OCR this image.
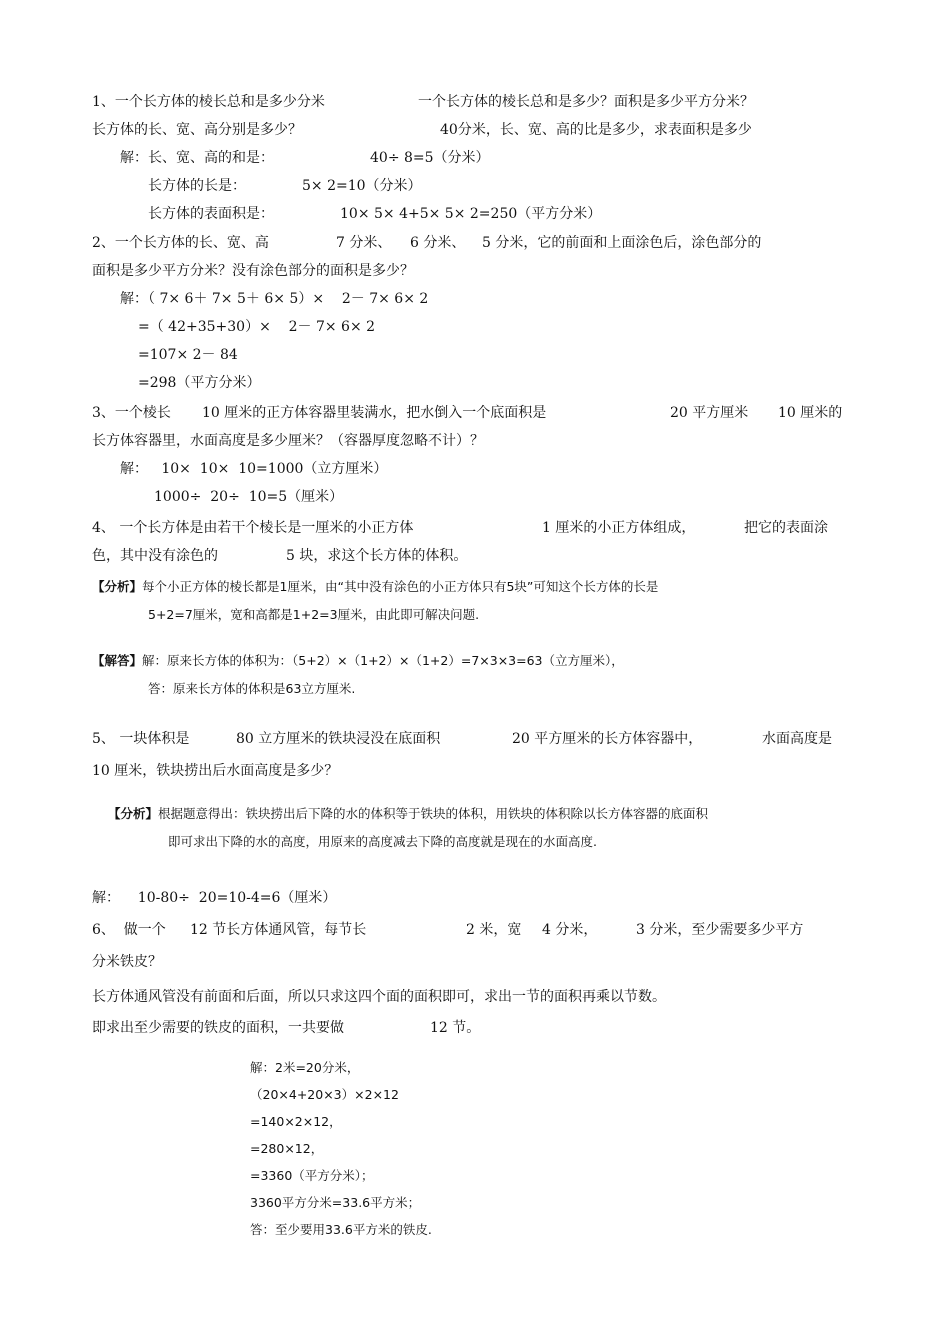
1、一个长方体的棱长总和是多少分米	一个长方体的棱长总和是多少？面积是多少平方分米？
长方体的长、宽、高分别是多少？	40分米，长、宽、高的比是多少，求表面积是多少
解：长、宽、高的和是：	40÷ 8=5（分米）
长方体的长是：	5× 2=10（分米）
长方体的表面积是：	10× 5× 4+5× 5× 2=250（平方分米）
2、一个长方体的长、宽、高	7 分米、 6 分米、 5 分米，它的前面和上面涂色后，涂色部分的
面积是多少平方分米？没有涂色部分的面积是多少？
解：（ 7× 6＋ 7× 5＋ 6× 5）×    2－ 7× 6× 2
=（ 42+35+30）×    2－ 7× 6× 2
=107× 2－ 84
=298（平方分米）
3、一个棱长 10 厘米的正方体容器里装满水，把水倒入一个底面积是	20 平方厘米 10 厘米的
长方体容器里，水面高度是多少厘米？（容器厚度忽略不计）？
解：   10×  10×  10=1000（立方厘米）
1000÷  20÷  10=5（厘米）
4、 一个长方体是由若干个棱长是一厘米的小正方体	1 厘米的小正方体组成，	把它的表面涂
色，其中没有涂色的	5 块，求这个长方体的体积。
【分析】每个小正方体的棱长都是1厘米，由“其中没有涂色的小正方体只有5块”可知这个长方体的长是
5+2=7厘米，宽和高都是1+2=3厘米，由此即可解决问题.
【解答】解：原来长方体的体积为：（5+2）×（1+2）×（1+2）=7×3×3=63（立方厘米），
答：原来长方体的体积是63立方厘米.
5、 一块体积是	80 立方厘米的铁块浸没在底面积	20 平方厘米的长方体容器中，	水面高度是
10 厘米，铁块捞出后水面高度是多少？
【分析】根据题意得出：铁块捞出后下降的水的体积等于铁块的体积，用铁块的体积除以长方体容器的底面积
即可求出下降的水的高度，用原来的高度减去下降的高度就是现在的水面高度.
解：    10-80÷  20=10-4=6（厘米）
6、  做一个 12 节长方体通风管，每节长	2 米，宽 4 分米，	3 分米，至少需要多少平方
分米铁皮？
长方体通风管没有前面和后面，所以只求这四个面的面积即可，求出一节的面积再乘以节数。
即求出至少需要的铁皮的面积，一共要做	12 节。
解：2米=20分米，
（20×4+20×3）×2×12
=140×2×12，
=280×12，
=3360（平方分米）；
3360平方分米=33.6平方米；
答：至少要用33.6平方米的铁皮.
